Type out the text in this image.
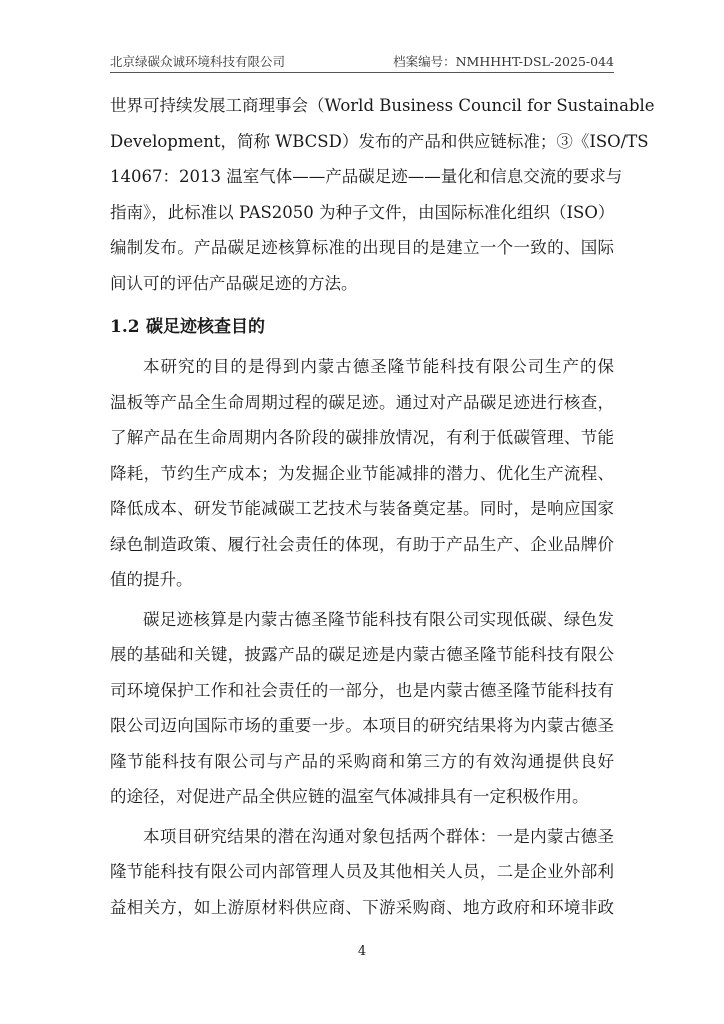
北京绿碳众诚环境科技有限公司	档案编号：NMHHHT-DSL-2025-044
世界可持续发展工商理事会（World Business Council for Sustainable
Development，简称 WBCSD）发布的产品和供应链标准；③《ISO/TS
14067：2013 温室气体——产品碳足迹——量化和信息交流的要求与
指南》，此标准以 PAS2050 为种子文件，由国际标准化组织（ISO）
编制发布。产品碳足迹核算标准的出现目的是建立一个一致的、国际
间认可的评估产品碳足迹的方法。
1.2 碳足迹核查目的
本研究的目的是得到内蒙古德圣隆节能科技有限公司生产的保
温板等产品全生命周期过程的碳足迹。通过对产品碳足迹进行核查，
了解产品在生命周期内各阶段的碳排放情况，有利于低碳管理、节能
降耗，节约生产成本；为发掘企业节能减排的潜力、优化生产流程、
降低成本、研发节能减碳工艺技术与装备奠定基。同时，是响应国家
绿色制造政策、履行社会责任的体现，有助于产品生产、企业品牌价
值的提升。
碳足迹核算是内蒙古德圣隆节能科技有限公司实现低碳、绿色发
展的基础和关键，披露产品的碳足迹是内蒙古德圣隆节能科技有限公
司环境保护工作和社会责任的一部分，也是内蒙古德圣隆节能科技有
限公司迈向国际市场的重要一步。本项目的研究结果将为内蒙古德圣
隆节能科技有限公司与产品的采购商和第三方的有效沟通提供良好
的途径，对促进产品全供应链的温室气体减排具有一定积极作用。
本项目研究结果的潜在沟通对象包括两个群体：一是内蒙古德圣
隆节能科技有限公司内部管理人员及其他相关人员，二是企业外部利
益相关方，如上游原材料供应商、下游采购商、地方政府和环境非政
4
